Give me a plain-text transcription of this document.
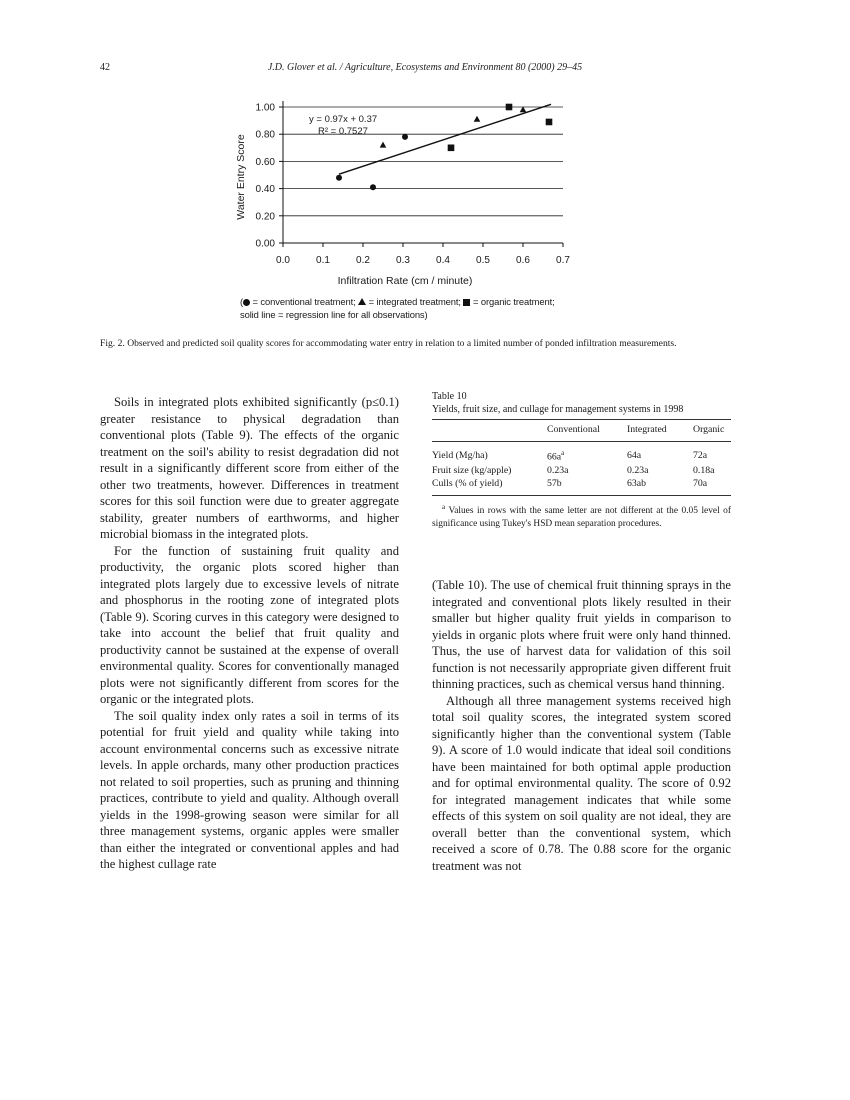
42	J.D. Glover et al. / Agriculture, Ecosystems and Environment 80 (2000) 29–45
0.00
0.20
0.40
0.60
0.80
1.00
0.0	0.1	0.2	0.3	0.4	0.5	0.6	0.7
Infiltration Rate (cm / minute)
Water Entry Score
y = 0.97x + 0.37
R² = 0.7527
( = conventional treatment; = integrated treatment; = organic treatment;
solid line = regression line for all observations)
Fig. 2. Observed and predicted soil quality scores for accommodating water entry in relation to a limited number of ponded infiltration measurements.

Soils in integrated plots exhibited significantly (p≤0.1) greater resistance to physical degradation than conventional plots (Table 9). The effects of the organic treatment on the soil's ability to resist degradation did not result in a significantly different score from either of the other two treatments, however. Differences in treatment scores for this soil function were due to greater aggregate stability, greater numbers of earthworms, and higher microbial biomass in the integrated plots.

For the function of sustaining fruit quality and productivity, the organic plots scored higher than integrated plots largely due to excessive levels of nitrate and phosphorus in the rooting zone of integrated plots (Table 9). Scoring curves in this category were designed to take into account the belief that fruit quality and productivity cannot be sustained at the expense of overall environmental quality. Scores for conventionally managed plots were not significantly different from scores for the organic or the integrated plots.

The soil quality index only rates a soil in terms of its potential for fruit yield and quality while taking into account environmental concerns such as excessive nitrate levels. In apple orchards, many other production practices not related to soil properties, such as pruning and thinning practices, contribute to yield and quality. Although overall yields in the 1998-growing season were similar for all three management systems, organic apples were smaller than either the integrated or conventional apples and had the highest cullage rate

Table 10
Yields, fruit size, and cullage for management systems in 1998
	Conventional	Integrated	Organic
Yield (Mg/ha)	$66a^a$	64a	72a
Fruit size (kg/apple)	0.23a	0.23a	0.18a
Culls (% of yield)	57b	63ab	70a
$^a$ Values in rows with the same letter are not different at the 0.05 level of significance using Tukey's HSD mean separation procedures.

(Table 10). The use of chemical fruit thinning sprays in the integrated and conventional plots likely resulted in their smaller but higher quality fruit yields in comparison to yields in organic plots where fruit were only hand thinned. Thus, the use of harvest data for validation of this soil function is not necessarily appropriate given different fruit thinning practices, such as chemical versus hand thinning.

Although all three management systems received high total soil quality scores, the integrated system scored significantly higher than the conventional system (Table 9). A score of 1.0 would indicate that ideal soil conditions have been maintained for both optimal apple production and for optimal environmental quality. The score of 0.92 for integrated management indicates that while some effects of this system on soil quality are not ideal, they are overall better than the conventional system, which received a score of 0.78. The 0.88 score for the organic treatment was not
